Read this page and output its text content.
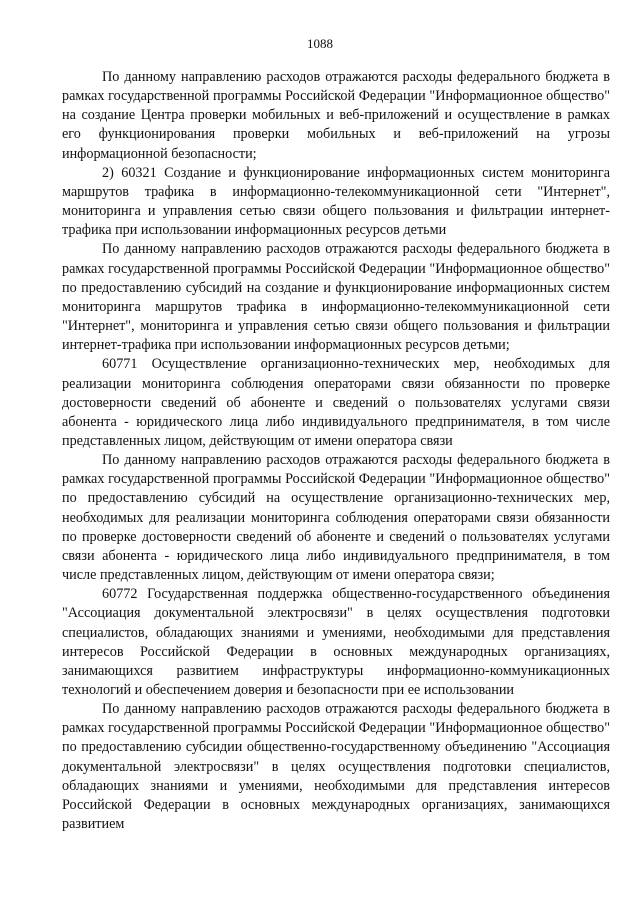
1088

По данному направлению расходов отражаются расходы федерального бюджета в рамках государственной программы Российской Федерации "Информационное общество" на создание Центра проверки мобильных и веб-приложений и осуществление в рамках его функционирования проверки мобильных и веб-приложений на угрозы информационной безопасности;

2) 60321 Создание и функционирование информационных систем мониторинга маршрутов трафика в информационно-телекоммуникационной сети "Интернет", мониторинга и управления сетью связи общего пользования и фильтрации интернет-трафика при использовании информационных ресурсов детьми

По данному направлению расходов отражаются расходы федерального бюджета в рамках государственной программы Российской Федерации "Информационное общество" по предоставлению субсидий на создание и функционирование информационных систем мониторинга маршрутов трафика в информационно-телекоммуникационной сети "Интернет", мониторинга и управления сетью связи общего пользования и фильтрации интернет-трафика при использовании информационных ресурсов детьми;

60771 Осуществление организационно-технических мер, необходимых для реализации мониторинга соблюдения операторами связи обязанности по проверке достоверности сведений об абоненте и сведений о пользователях услугами связи абонента - юридического лица либо индивидуального предпринимателя, в том числе представленных лицом, действующим от имени оператора связи

По данному направлению расходов отражаются расходы федерального бюджета в рамках государственной программы Российской Федерации "Информационное общество" по предоставлению субсидий на осуществление организационно-технических мер, необходимых для реализации мониторинга соблюдения операторами связи обязанности по проверке достоверности сведений об абоненте и сведений о пользователях услугами связи абонента - юридического лица либо индивидуального предпринимателя, в том числе представленных лицом, действующим от имени оператора связи;

60772 Государственная поддержка общественно-государственного объединения "Ассоциация документальной электросвязи" в целях осуществления подготовки специалистов, обладающих знаниями и умениями, необходимыми для представления интересов Российской Федерации в основных международных организациях, занимающихся развитием инфраструктуры информационно-коммуникационных технологий и обеспечением доверия и безопасности при ее использовании

По данному направлению расходов отражаются расходы федерального бюджета в рамках государственной программы Российской Федерации "Информационное общество" по предоставлению субсидии общественно-государственному объединению "Ассоциация документальной электросвязи" в целях осуществления подготовки специалистов, обладающих знаниями и умениями, необходимыми для представления интересов Российской Федерации в основных международных организациях, занимающихся развитием
